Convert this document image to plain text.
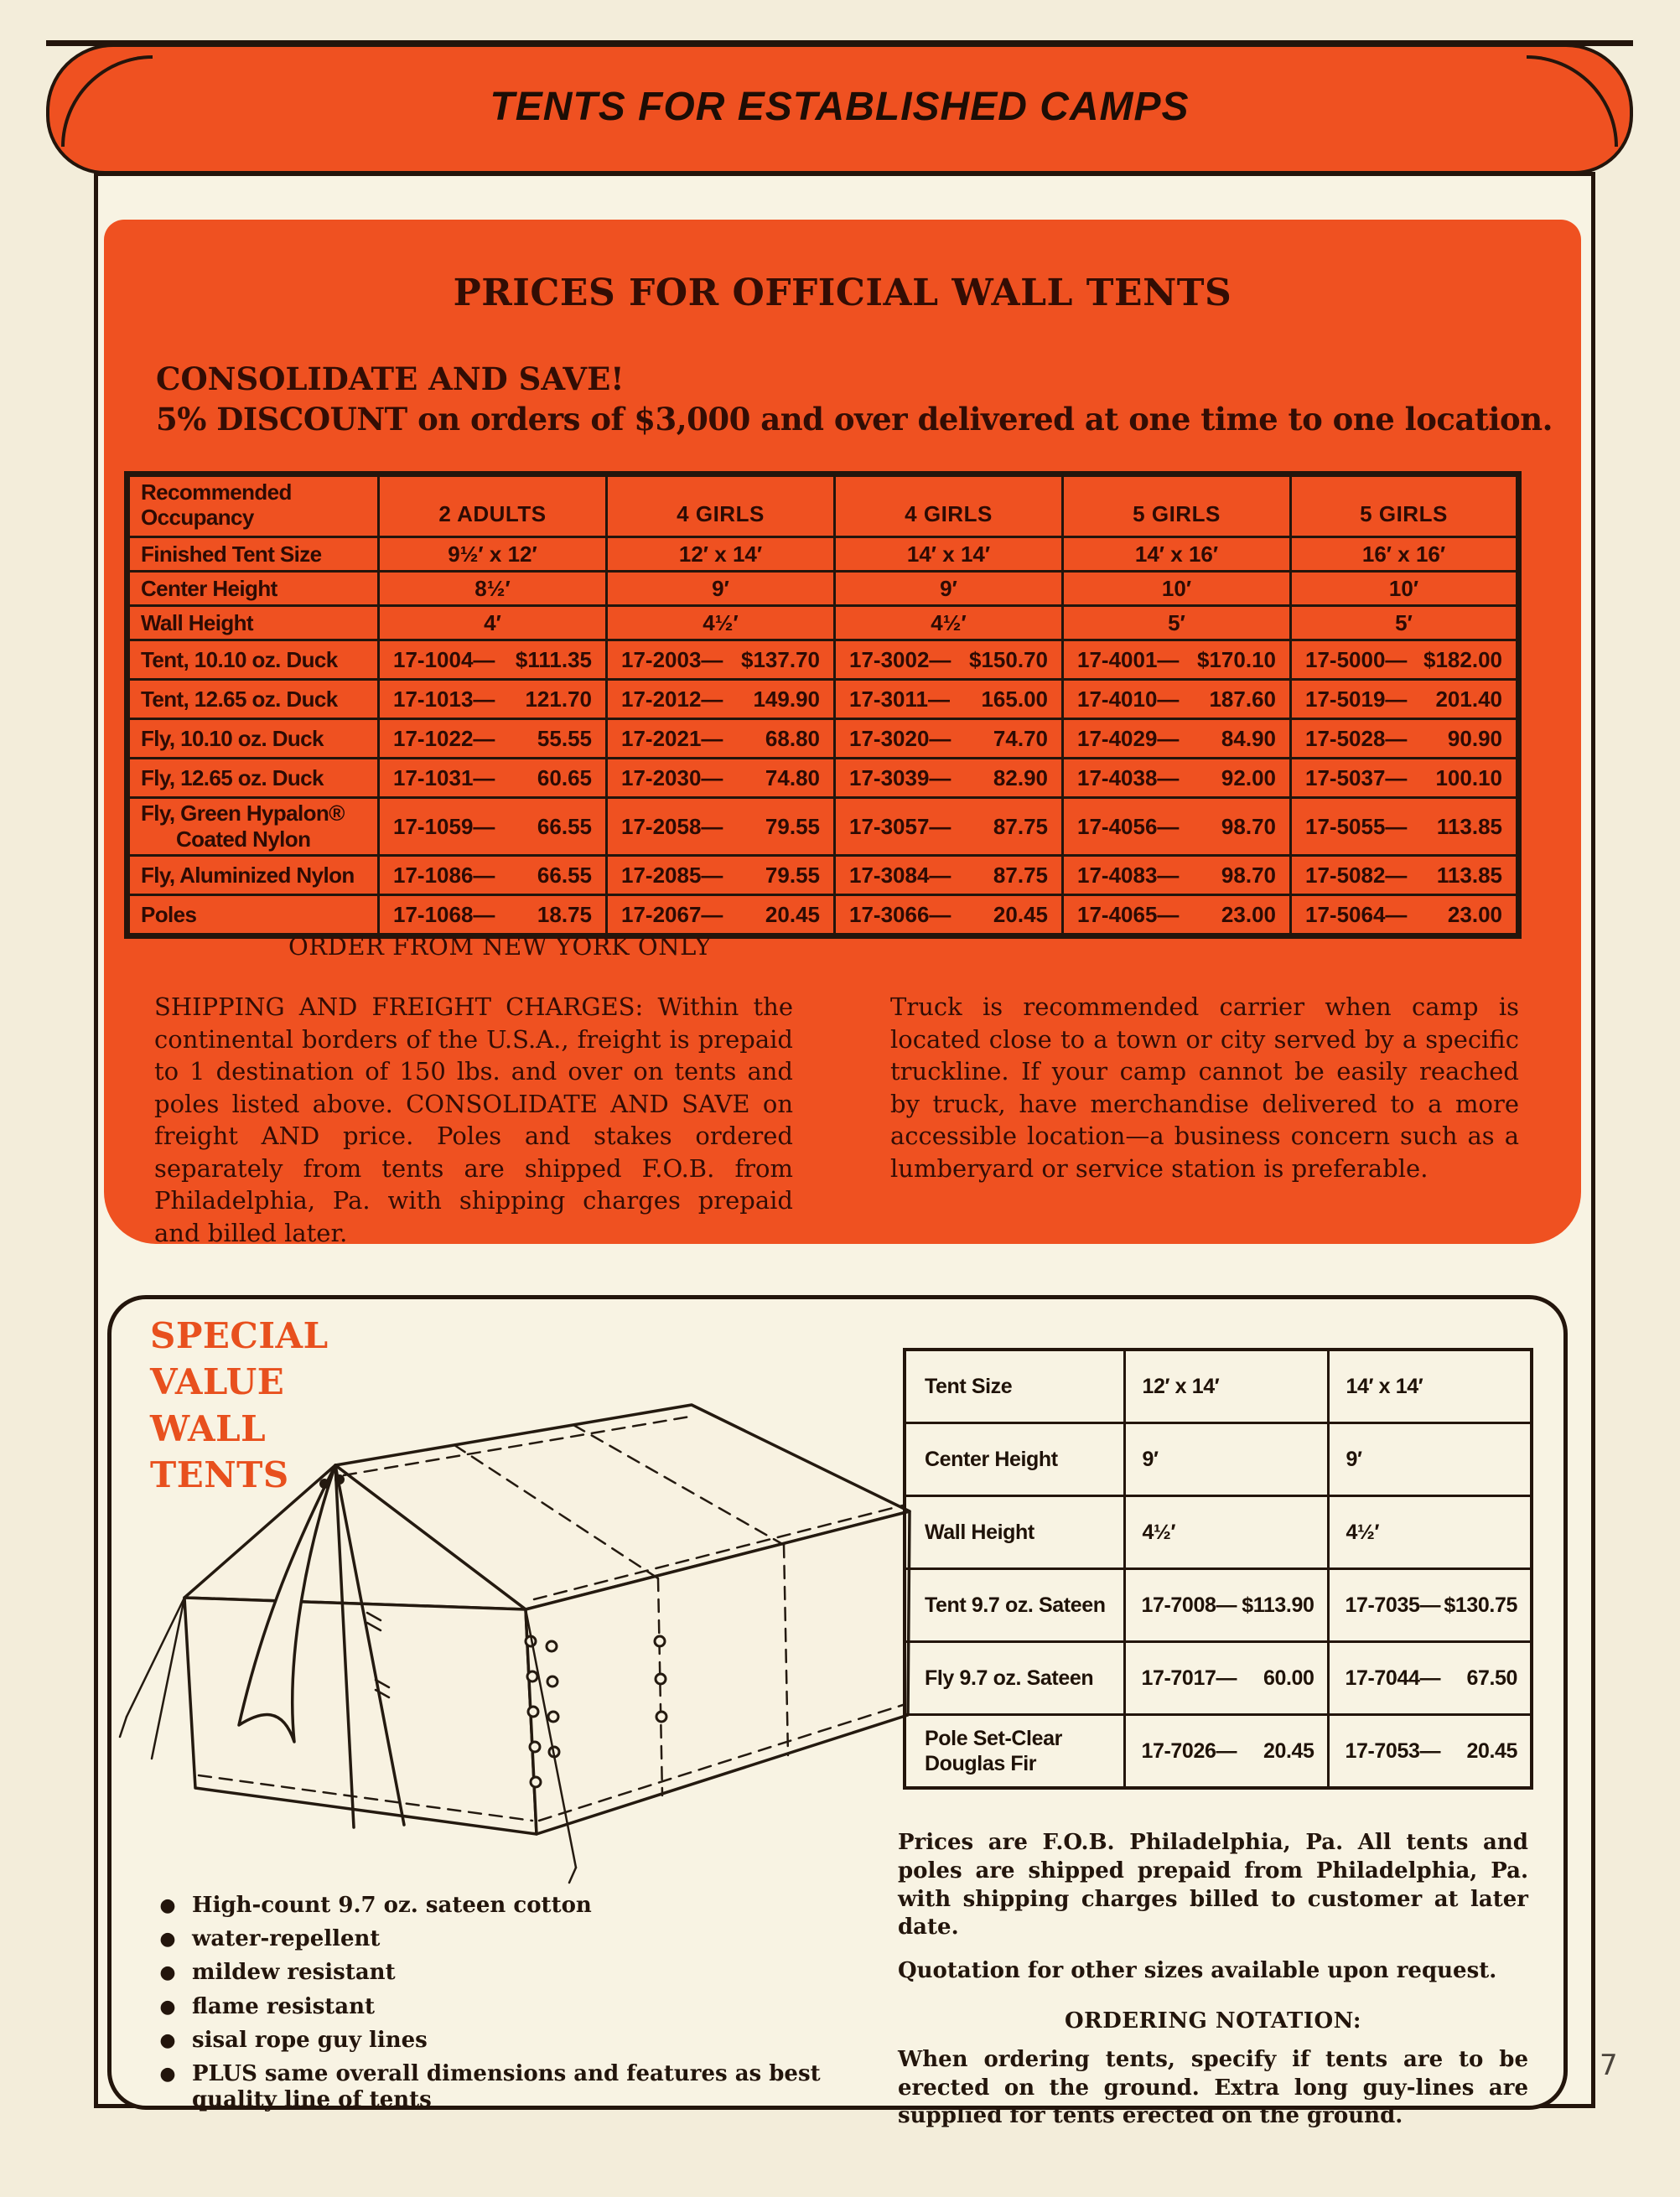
TENTS FOR ESTABLISHED CAMPS
PRICES FOR OFFICIAL WALL TENTS
CONSOLIDATE AND SAVE!
5% DISCOUNT on orders of $3,000 and over delivered at one time to one location.
Recommended
Occupancy	2 ADULTS	4 GIRLS	4 GIRLS	5 GIRLS	5 GIRLS
Finished Tent Size	9½′ x 12′	12′ x 14′	14′ x 14′	14′ x 16′	16′ x 16′
Center Height	8½′	9′	9′	10′	10′
Wall Height	4′	4½′	4½′	5′	5′
Tent, 10.10 oz. Duck	17-1004— $111.35	17-2003— $137.70	17-3002— $150.70	17-4001— $170.10	17-5000— $182.00

Tent, 12.65 oz. Duck	17-1013— 121.70	17-2012— 149.90	17-3011— 165.00	17-4010— 187.60	17-5019— 201.40

Fly, 10.10 oz. Duck	17-1022— 55.55	17-2021— 68.80	17-3020— 74.70	17-4029— 84.90	17-5028— 90.90

Fly, 12.65 oz. Duck	17-1031— 60.65	17-2030— 74.80	17-3039— 82.90	17-4038— 92.00	17-5037— 100.10

Fly, Green Hypalon®
Coated Nylon	17-1059— 66.55	17-2058— 79.55	17-3057— 87.75	17-4056— 98.70	17-5055— 113.85

Fly, Aluminized Nylon	17-1086— 66.55	17-2085— 79.55	17-3084— 87.75	17-4083— 98.70	17-5082— 113.85

Poles	17-1068— 18.75	17-2067— 20.45	17-3066— 20.45	17-4065— 23.00	17-5064— 23.00
ORDER FROM NEW YORK ONLY
SHIPPING AND FREIGHT CHARGES: Within the continental borders of the U.S.A., freight is prepaid to 1 destination of 150 lbs. and over on tents and poles listed above. CONSOLIDATE AND SAVE on freight AND price. Poles and stakes ordered separately from tents are shipped F.O.B. from Philadelphia, Pa. with shipping charges prepaid and billed later.
Truck is recommended carrier when camp is located close to a town or city served by a specific truckline. If your camp cannot be easily reached by truck, have merchandise delivered to a more accessible location—a business concern such as a lumberyard or service station is preferable.
SPECIAL
VALUE
WALL
TENTS
Tent Size	12′ x 14′	14′ x 14′
Center Height	9′	9′
Wall Height	4½′	4½′
Tent 9.7 oz. Sateen	17-7008— $113.90	17-7035— $130.75

Fly 9.7 oz. Sateen	17-7017— 60.00	17-7044— 67.50

Pole Set-Clear
Douglas Fir	17-7026— 20.45	17-7053— 20.45
● High-count 9.7 oz. sateen cotton
● water-repellent
● mildew resistant
● flame resistant
● sisal rope guy lines
● PLUS same overall dimensions and features as best quality line of tents

Prices are F.O.B. Philadelphia, Pa. All tents and poles are shipped prepaid from Philadelphia, Pa. with shipping charges billed to customer at later date.

Quotation for other sizes available upon request.

ORDERING NOTATION:

When ordering tents, specify if tents are to be erected on the ground. Extra long guy-lines are supplied for tents erected on the ground.

7
